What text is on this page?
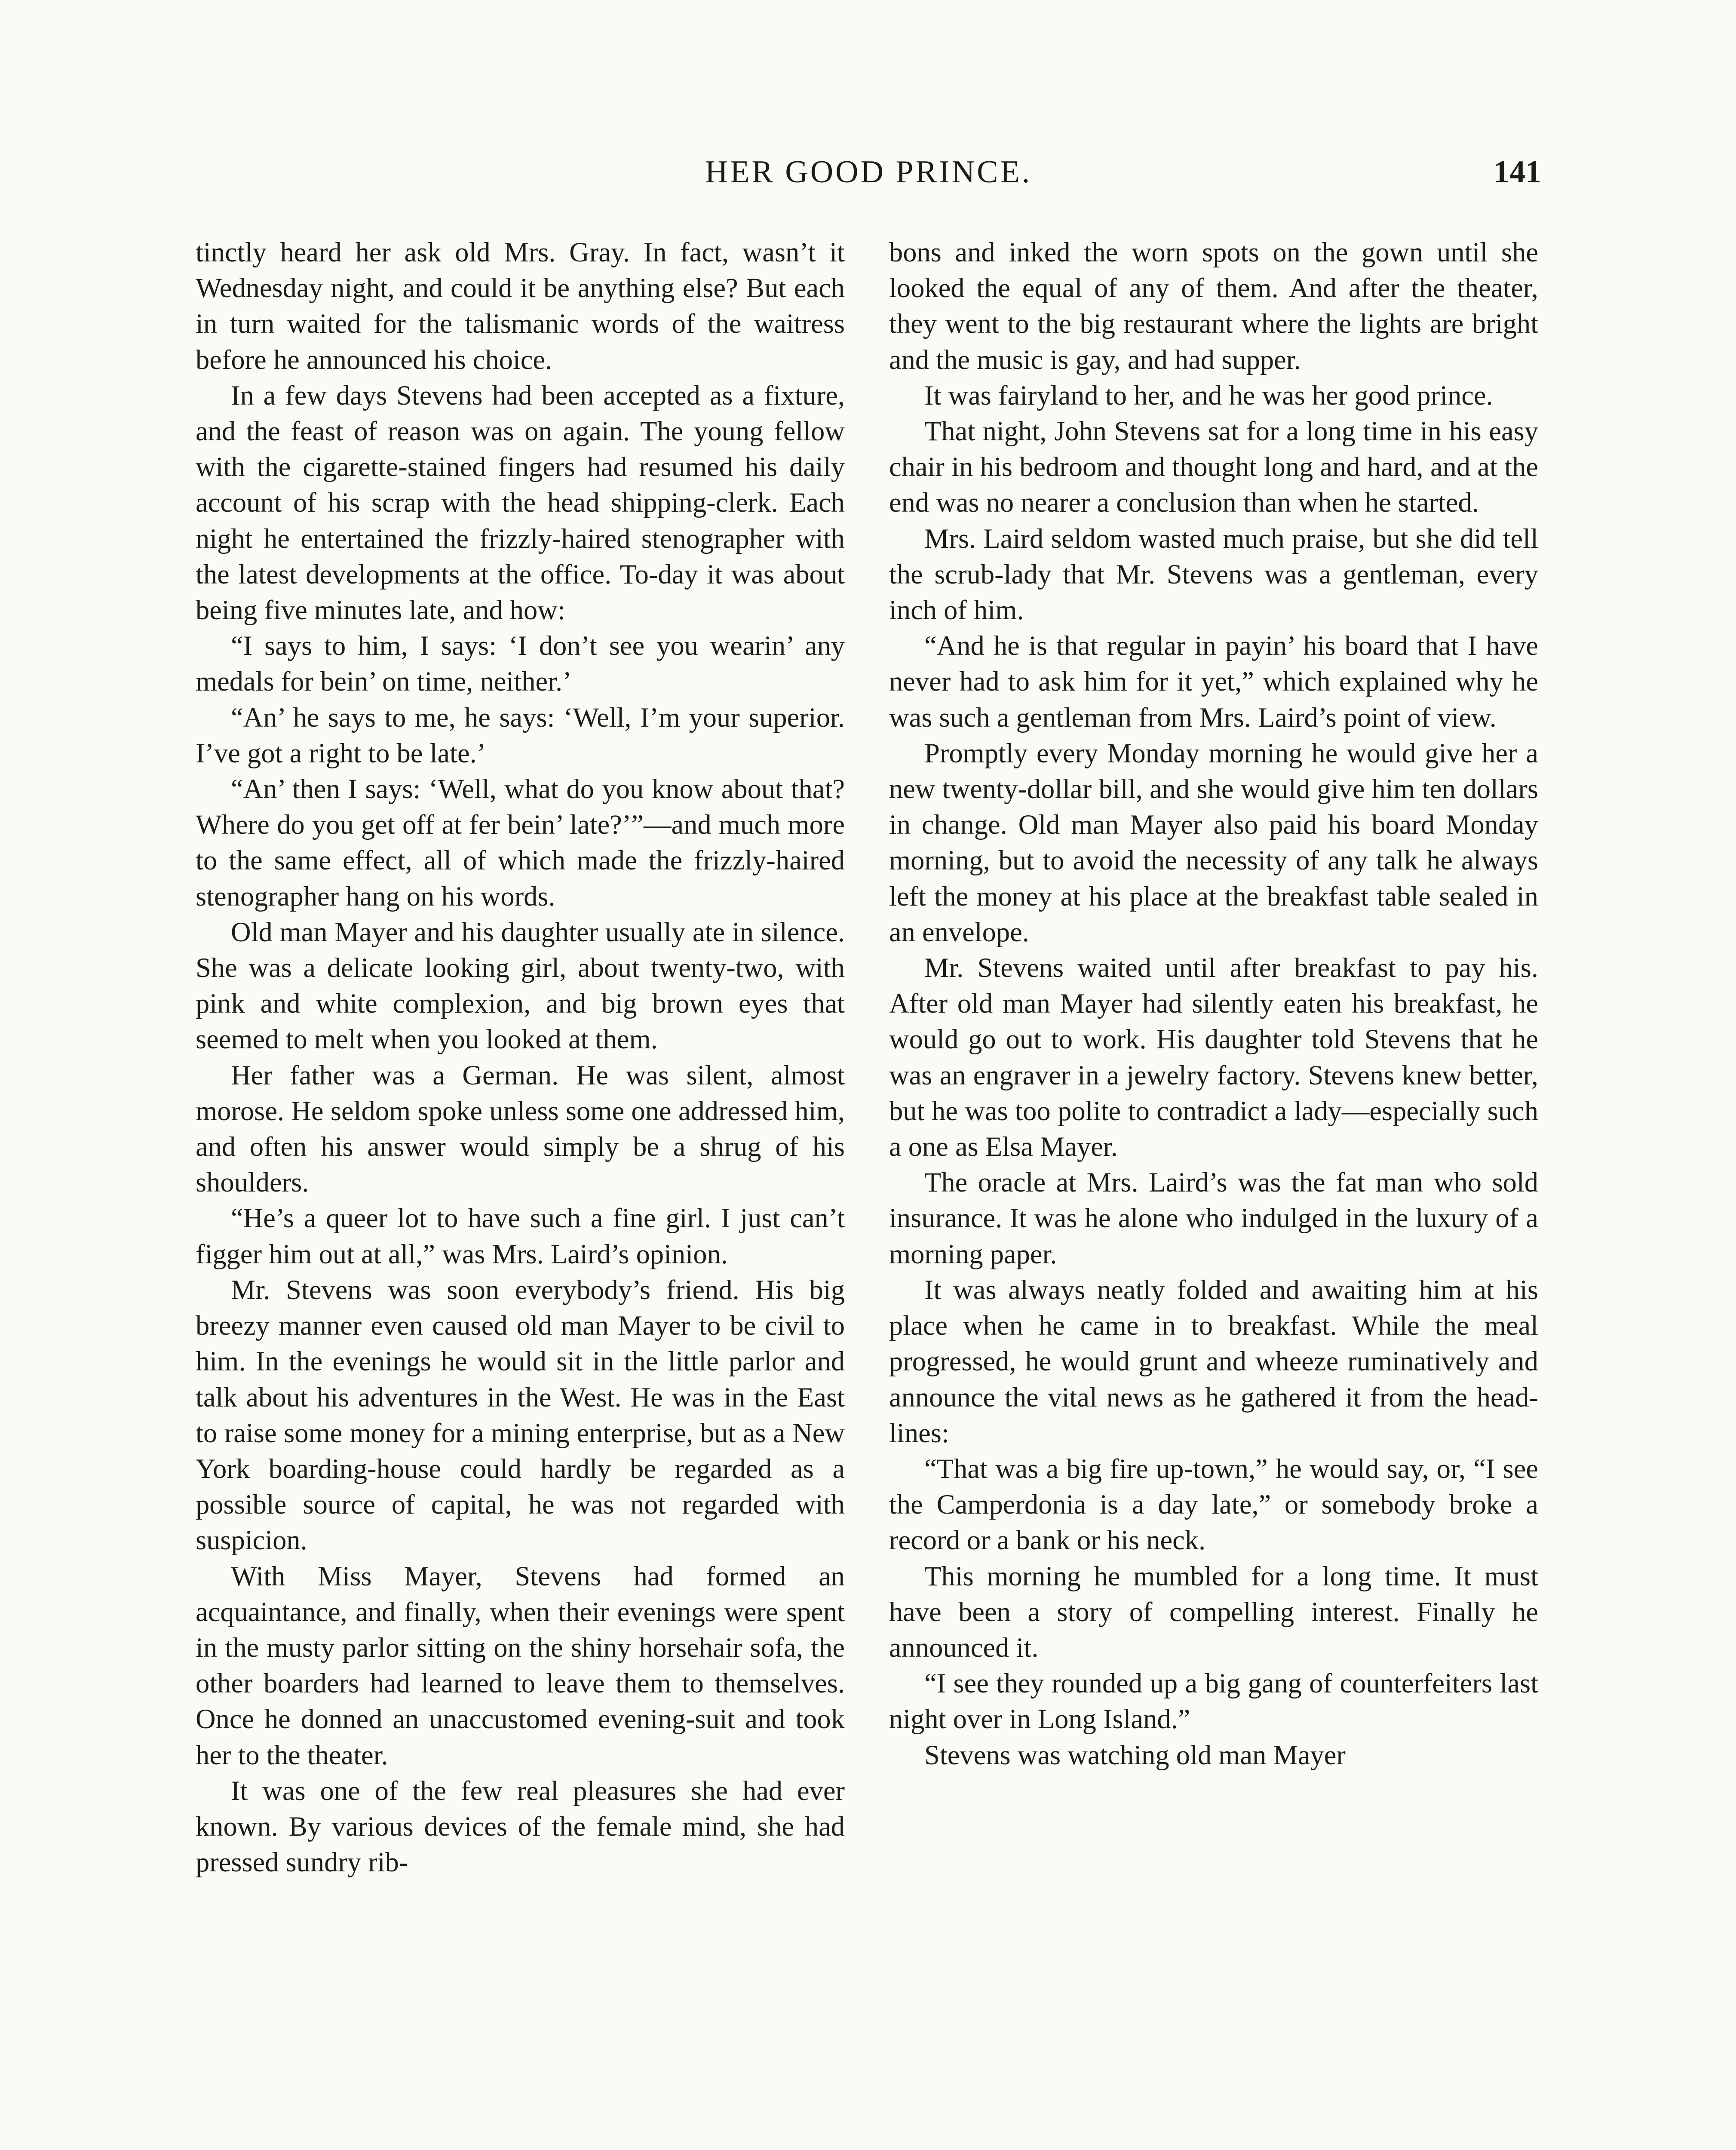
HER GOOD PRINCE.	141

tinctly heard her ask old Mrs. Gray. In fact, wasn’t it Wednesday night, and could it be anything else? But each in turn waited for the talismanic words of the waitress before he announced his choice.

In a few days Stevens had been accepted as a fixture, and the feast of reason was on again. The young fellow with the cigarette-stained fingers had resumed his daily account of his scrap with the head shipping-clerk. Each night he entertained the frizzly-haired stenographer with the latest developments at the office. To-day it was about being five minutes late, and how:

“I says to him, I says: ‘I don’t see you wearin’ any medals for bein’ on time, neither.’

“An’ he says to me, he says: ‘Well, I’m your superior. I’ve got a right to be late.’

“An’ then I says: ‘Well, what do you know about that? Where do you get off at fer bein’ late?’”—and much more to the same effect, all of which made the frizzly-haired stenographer hang on his words.

Old man Mayer and his daughter usually ate in silence. She was a delicate looking girl, about twenty-two, with pink and white complexion, and big brown eyes that seemed to melt when you looked at them.

Her father was a German. He was silent, almost morose. He seldom spoke unless some one addressed him, and often his answer would simply be a shrug of his shoulders.

“He’s a queer lot to have such a fine girl. I just can’t figger him out at all,” was Mrs. Laird’s opinion.

Mr. Stevens was soon everybody’s friend. His big breezy manner even caused old man Mayer to be civil to him. In the evenings he would sit in the little parlor and talk about his adventures in the West. He was in the East to raise some money for a mining enterprise, but as a New York boarding-house could hardly be regarded as a possible source of capital, he was not regarded with suspicion.

With Miss Mayer, Stevens had formed an acquaintance, and finally, when their evenings were spent in the musty parlor sitting on the shiny horsehair sofa, the other boarders had learned to leave them to themselves. Once he donned an unaccustomed evening-suit and took her to the theater.

It was one of the few real pleasures she had ever known. By various devices of the female mind, she had pressed sundry rib-

bons and inked the worn spots on the gown until she looked the equal of any of them. And after the theater, they went to the big restaurant where the lights are bright and the music is gay, and had supper.

It was fairyland to her, and he was her good prince.

That night, John Stevens sat for a long time in his easy chair in his bedroom and thought long and hard, and at the end was no nearer a conclusion than when he started.

Mrs. Laird seldom wasted much praise, but she did tell the scrub-lady that Mr. Stevens was a gentleman, every inch of him.

“And he is that regular in payin’ his board that I have never had to ask him for it yet,” which explained why he was such a gentleman from Mrs. Laird’s point of view.

Promptly every Monday morning he would give her a new twenty-dollar bill, and she would give him ten dollars in change. Old man Mayer also paid his board Monday morning, but to avoid the necessity of any talk he always left the money at his place at the breakfast table sealed in an envelope.

Mr. Stevens waited until after breakfast to pay his. After old man Mayer had silently eaten his breakfast, he would go out to work. His daughter told Stevens that he was an engraver in a jewelry factory. Stevens knew better, but he was too polite to contradict a lady—especially such a one as Elsa Mayer.

The oracle at Mrs. Laird’s was the fat man who sold insurance. It was he alone who indulged in the luxury of a morning paper.

It was always neatly folded and awaiting him at his place when he came in to breakfast. While the meal progressed, he would grunt and wheeze ruminatively and announce the vital news as he gathered it from the head-lines:

“That was a big fire up-town,” he would say, or, “I see the Camperdonia is a day late,” or somebody broke a record or a bank or his neck.

This morning he mumbled for a long time. It must have been a story of compelling interest. Finally he announced it.

“I see they rounded up a big gang of counterfeiters last night over in Long Island.”

Stevens was watching old man Mayer
